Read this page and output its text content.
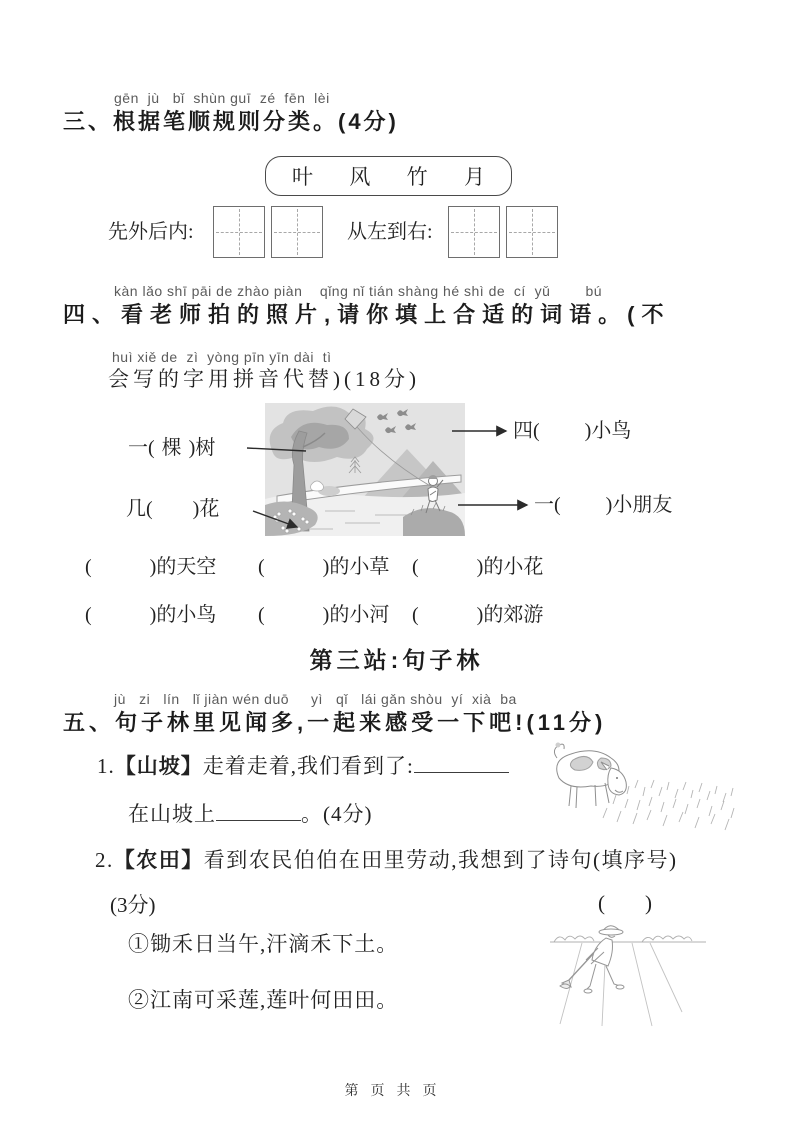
gēn  jù   bǐ  shùn guī  zé  fēn  lèi
三、根据笔顺规则分类。(4分)
叶 风 竹 月
先外后内:	从左到右:
kàn lǎo shī pāi de zhào piàn    qǐng nǐ tián shàng hé shì de  cí  yǔ        bú
四、看老师拍的照片,请你填上合适的词语。(不
huì xiě de  zì  yòng pīn yīn dài  tì
会写的字用拼音代替)(18分)
一( 棵 )树
几( )花
四( )小鸟
一( )小朋友
(	)的天空 (	)的小草 (	)的小花
(	)的小鸟 (	)的小河 (	)的郊游
第三站:句子林
jù   zi   lín   lǐ jiàn wén duō     yì   qǐ   lái gǎn shòu  yí  xià  ba
五、句子林里见闻多,一起来感受一下吧!(11分)
1.【山坡】走着走着,我们看到了:
在山坡上	。(4分)
2.【农田】看到农民伯伯在田里劳动,我想到了诗句(填序号)
(3分)	( )
①锄禾日当午,汗滴禾下土。
②江南可采莲,莲叶何田田。
第页共页
